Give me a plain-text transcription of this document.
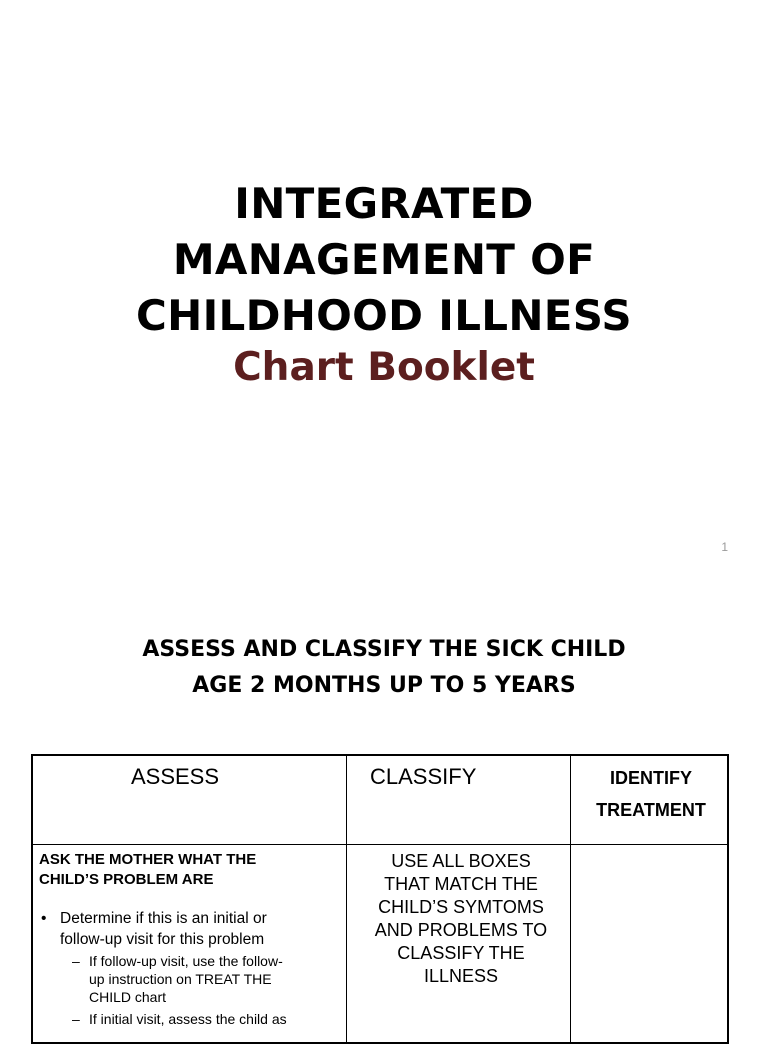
INTEGRATED
MANAGEMENT OF
CHILDHOOD ILLNESS
Chart Booklet
1
ASSESS AND CLASSIFY THE SICK CHILD
AGE 2 MONTHS UP TO 5 YEARS
ASSESS	CLASSIFY	IDENTIFY
TREATMENT
ASK THE MOTHER WHAT THE
CHILD’S PROBLEM ARE
• Determine if this is an initial or
follow-up visit for this problem
– If follow-up visit, use the follow-
up instruction on TREAT THE
CHILD chart
– If initial visit, assess the child as
USE ALL BOXES
THAT MATCH THE
CHILD’S SYMTOMS
AND PROBLEMS TO
CLASSIFY THE
ILLNESS
